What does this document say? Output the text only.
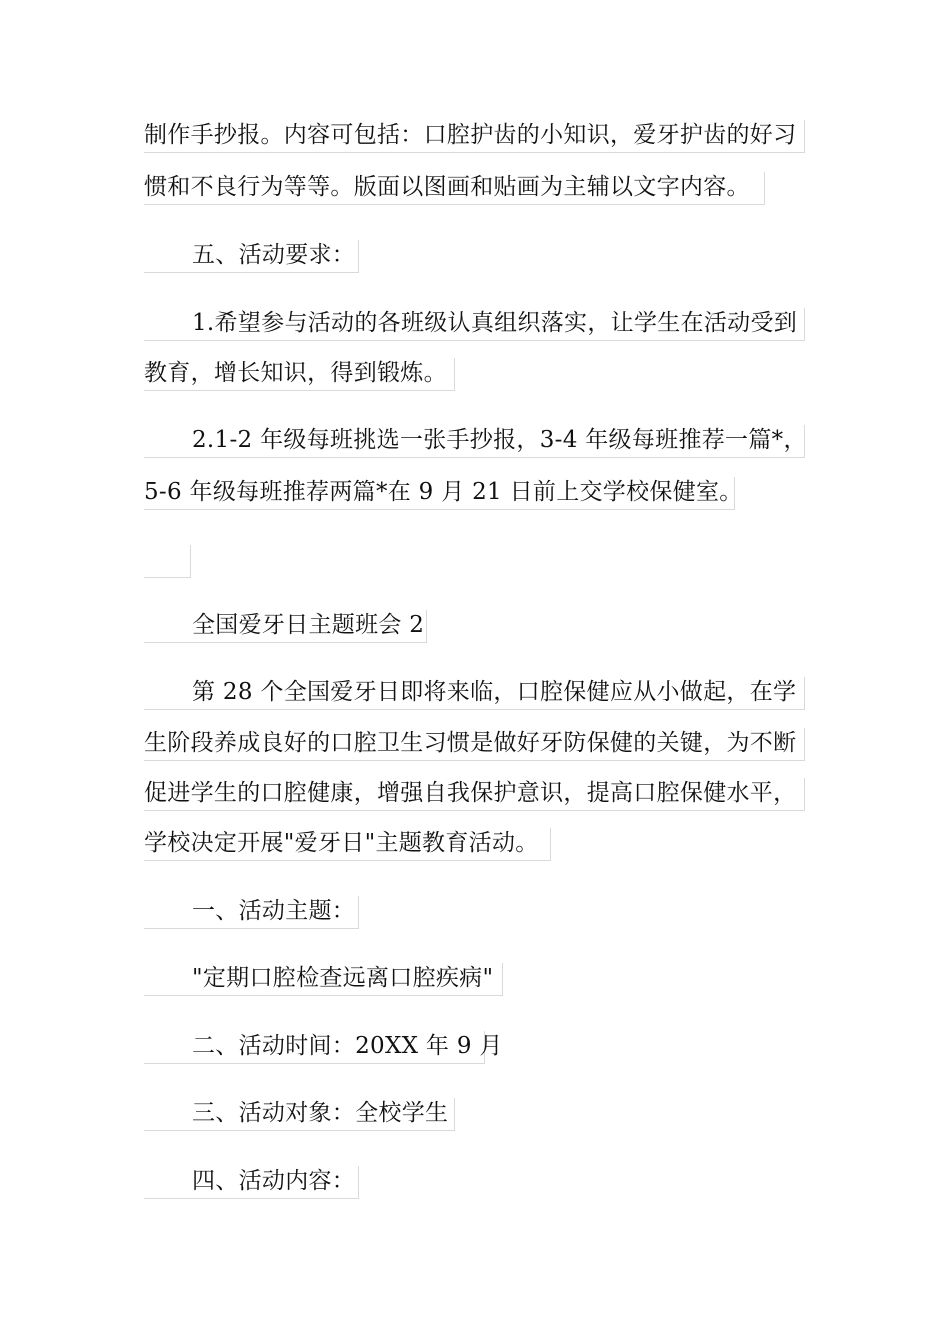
制作手抄报。内容可包括：口腔护齿的小知识，爱牙护齿的好习
惯和不良行为等等。版面以图画和贴画为主辅以文字内容。
五、活动要求：
1.希望参与活动的各班级认真组织落实，让学生在活动受到
教育，增长知识，得到锻炼。
2.1-2 年级每班挑选一张手抄报，3-4 年级每班推荐一篇*，
5-6 年级每班推荐两篇*在 9 月 21 日前上交学校保健室。
全国爱牙日主题班会 2
第 28 个全国爱牙日即将来临，口腔保健应从小做起，在学
生阶段养成良好的口腔卫生习惯是做好牙防保健的关键，为不断
促进学生的口腔健康，增强自我保护意识，提高口腔保健水平，
学校决定开展"爱牙日"主题教育活动。
一、活动主题：
"定期口腔检查远离口腔疾病"
二、活动时间：20XX 年 9 月
三、活动对象：全校学生
四、活动内容：
